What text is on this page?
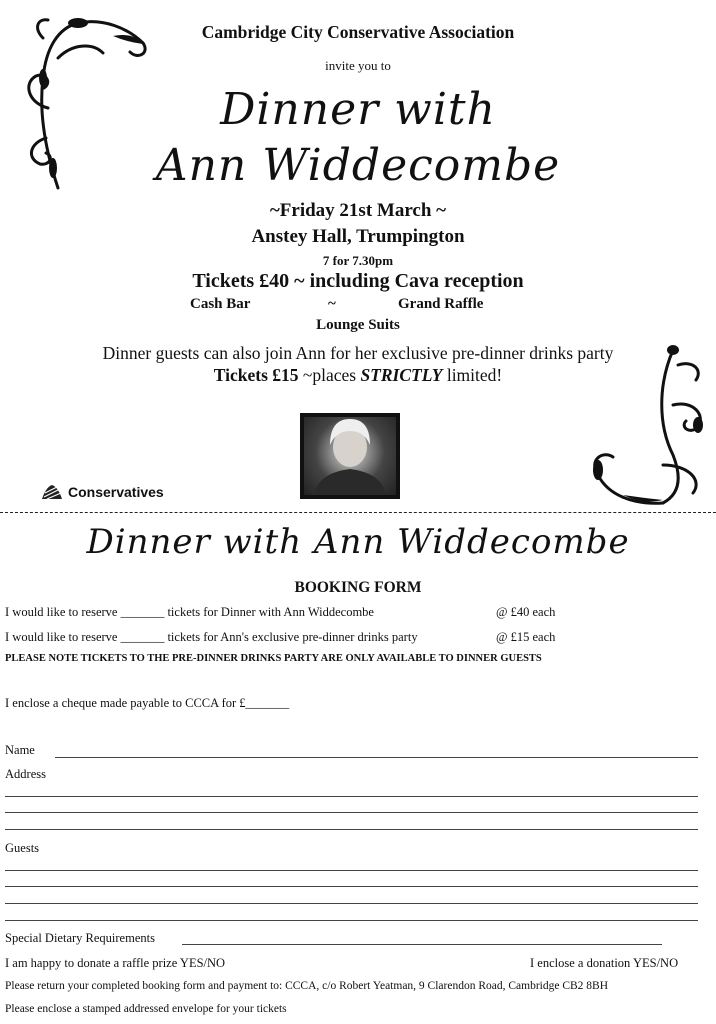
Cambridge City Conservative Association
invite you to
Dinner with
Ann Widdecombe
~Friday 21st March ~
Anstey Hall, Trumpington
7 for 7.30pm
Tickets £40 ~ including Cava reception
Cash Bar	~	Grand Raffle
Lounge Suits
Dinner guests can also join Ann for her exclusive pre-dinner drinks party
Tickets £15 ~places STRICTLY limited!
Conservatives
Dinner with Ann Widdecombe
BOOKING FORM
I would like to reserve _______ tickets for Dinner with Ann Widdecombe	@ £40 each
I would like to reserve _______ tickets for Ann's exclusive pre-dinner drinks party	@ £15 each
PLEASE NOTE TICKETS TO THE PRE-DINNER DRINKS PARTY ARE ONLY AVAILABLE TO DINNER GUESTS
I enclose a cheque made payable to CCCA for £_______
Name
Address
Guests
Special Dietary Requirements
I am happy to donate a raffle prize YES/NO	I enclose a donation YES/NO
Please return your completed booking form and payment to: CCCA, c/o Robert Yeatman, 9 Clarendon Road, Cambridge CB2 8BH
Please enclose a stamped addressed envelope for your tickets
